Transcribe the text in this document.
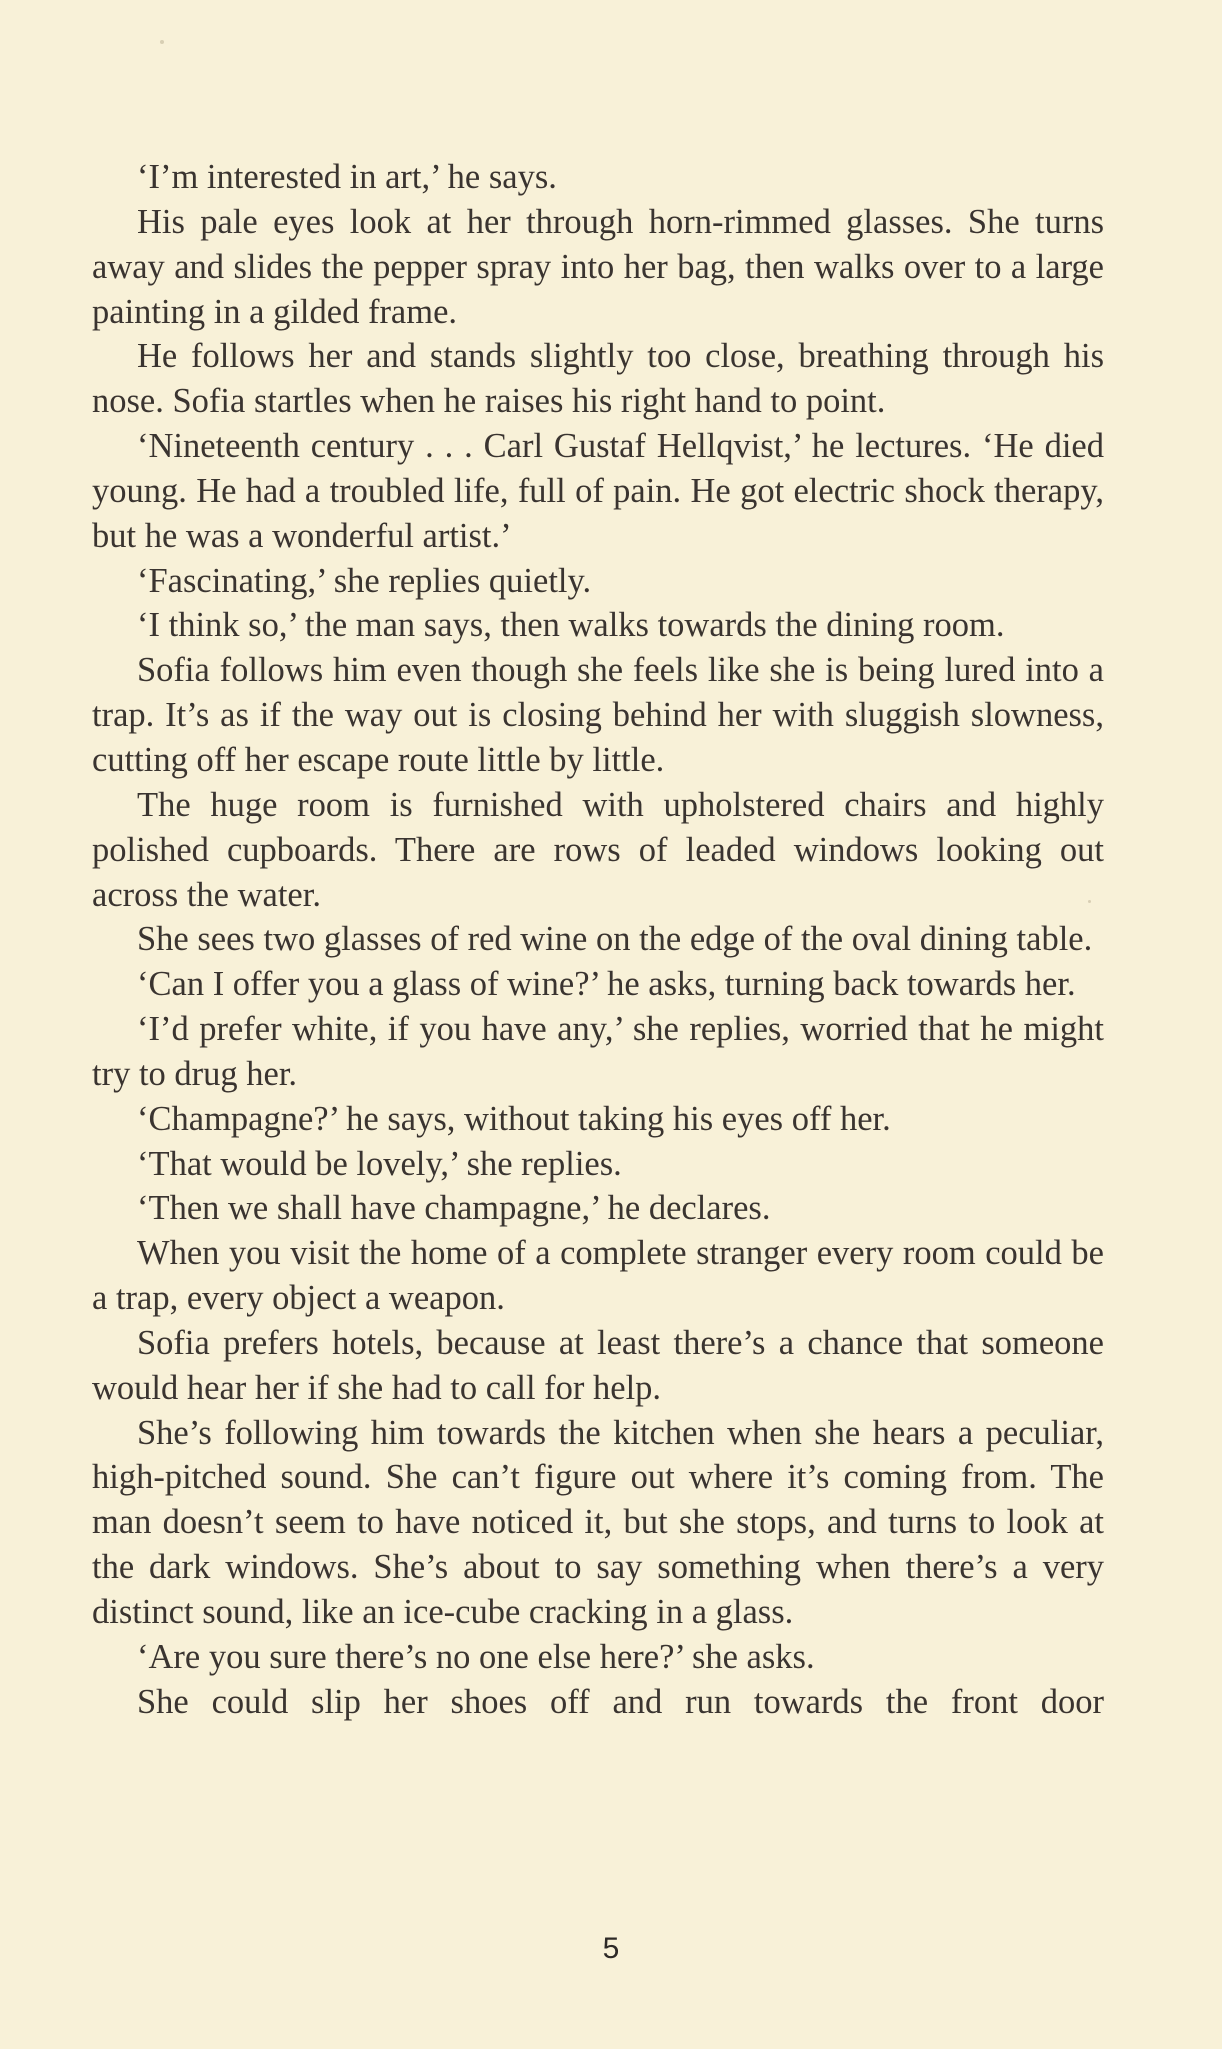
‘I’m interested in art,’ he says.

His pale eyes look at her through horn-rimmed glasses. She turns away and slides the pepper spray into her bag, then walks over to a large painting in a gilded frame.

He follows her and stands slightly too close, breathing through his nose. Sofia startles when he raises his right hand to point.

‘Nineteenth century . . . Carl Gustaf Hellqvist,’ he lectures. ‘He died young. He had a troubled life, full of pain. He got electric shock therapy, but he was a wonderful artist.’

‘Fascinating,’ she replies quietly.

‘I think so,’ the man says, then walks towards the dining room.

Sofia follows him even though she feels like she is being lured into a trap. It’s as if the way out is closing behind her with sluggish slowness, cutting off her escape route little by little.

The huge room is furnished with upholstered chairs and highly polished cupboards. There are rows of leaded windows looking out across the water.

She sees two glasses of red wine on the edge of the oval dining table.

‘Can I offer you a glass of wine?’ he asks, turning back towards her.

‘I’d prefer white, if you have any,’ she replies, worried that he might try to drug her.

‘Champagne?’ he says, without taking his eyes off her.

‘That would be lovely,’ she replies.

‘Then we shall have champagne,’ he declares.

When you visit the home of a complete stranger every room could be a trap, every object a weapon.

Sofia prefers hotels, because at least there’s a chance that someone would hear her if she had to call for help.

She’s following him towards the kitchen when she hears a peculiar, high-pitched sound. She can’t figure out where it’s coming from. The man doesn’t seem to have noticed it, but she stops, and turns to look at the dark windows. She’s about to say something when there’s a very distinct sound, like an ice-cube cracking in a glass.

‘Are you sure there’s no one else here?’ she asks.

She could slip her shoes off and run towards the front door

5
